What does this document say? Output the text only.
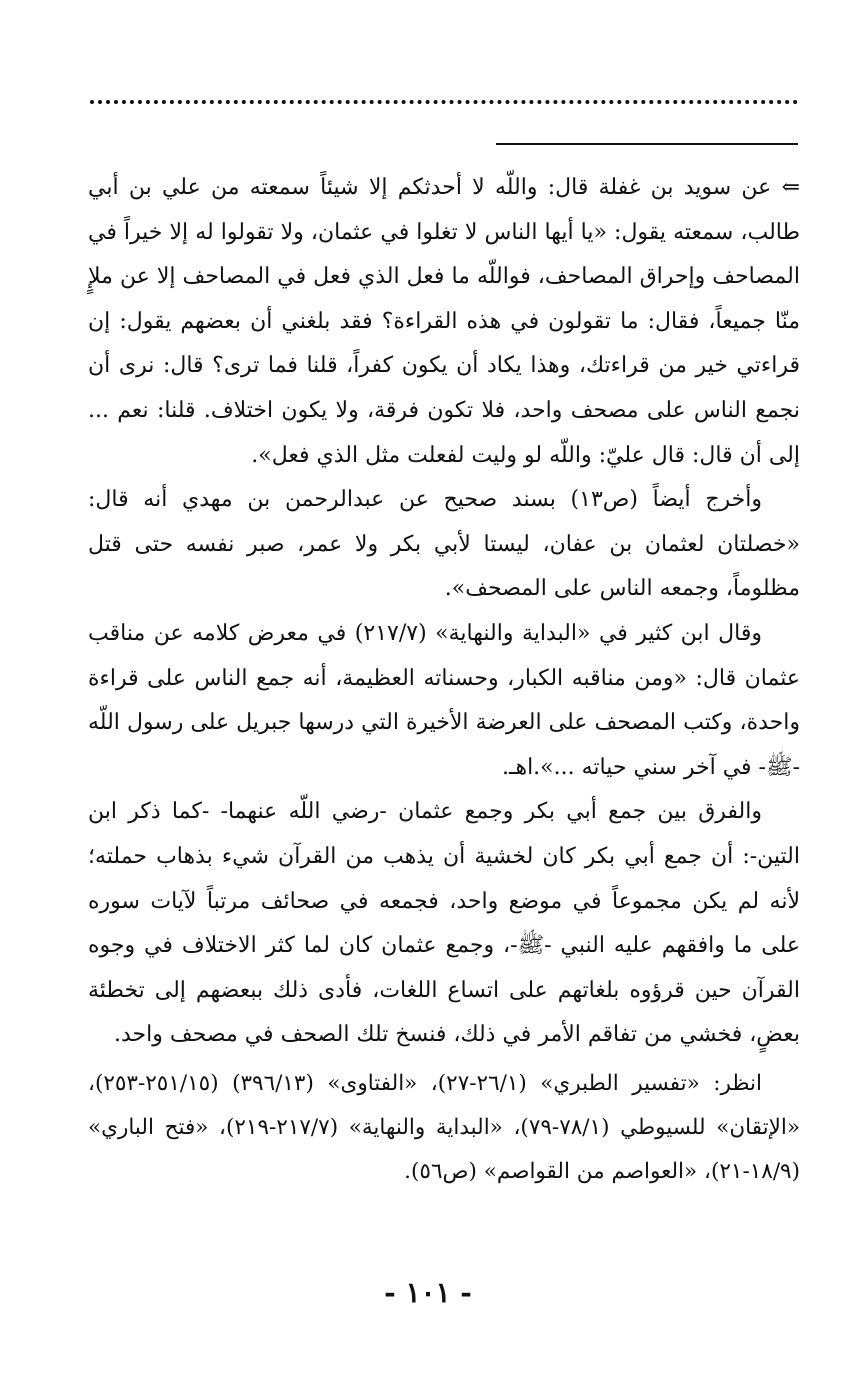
⇐ عن سويد بن غفلة قال: واللّه لا أحدثكم إلا شيئاً سمعته من علي بن أبي طالب، سمعته يقول: «يا أيها الناس لا تغلوا في عثمان، ولا تقولوا له إلا خيراً في المصاحف وإحراق المصاحف، فواللّه ما فعل الذي فعل في المصاحف إلا عن ملإٍ منّا جميعاً، فقال: ما تقولون في هذه القراءة؟ فقد بلغني أن بعضهم يقول: إن قراءتي خير من قراءتك، وهذا يكاد أن يكون كفراً، قلنا فما ترى؟ قال: نرى أن نجمع الناس على مصحف واحد، فلا تكون فرقة، ولا يكون اختلاف. قلنا: نعم ... إلى أن قال: قال عليّ: واللّه لو وليت لفعلت مثل الذي فعل».

وأخرج أيضاً (ص١٣) بسند صحيح عن عبدالرحمن بن مهدي أنه قال: «خصلتان لعثمان بن عفان، ليستا لأبي بكر ولا عمر، صبر نفسه حتى قتل مظلوماً، وجمعه الناس على المصحف».

وقال ابن كثير في «البداية والنهاية» (٢١٧/٧) في معرض كلامه عن مناقب عثمان قال: «ومن مناقبه الكبار، وحسناته العظيمة، أنه جمع الناس على قراءة واحدة، وكتب المصحف على العرضة الأخيرة التي درسها جبريل على رسول اللّه -ﷺ- في آخر سني حياته ...».اهـ.

والفرق بين جمع أبي بكر وجمع عثمان -رضي اللّه عنهما- -كما ذكر ابن التين-: أن جمع أبي بكر كان لخشية أن يذهب من القرآن شيء بذهاب حملته؛ لأنه لم يكن مجموعاً في موضع واحد، فجمعه في صحائف مرتباً لآيات سوره على ما وافقهم عليه النبي -ﷺ-، وجمع عثمان كان لما كثر الاختلاف في وجوه القرآن حين قرؤوه بلغاتهم على اتساع اللغات، فأدى ذلك ببعضهم إلى تخطئة بعضٍ، فخشي من تفاقم الأمر في ذلك، فنسخ تلك الصحف في مصحف واحد.

انظر: «تفسير الطبري» (٢٦/١-٢٧)، «الفتاوى» (٣٩٦/١٣) (٢٥١/١٥-٢٥٣)، «الإتقان» للسيوطي (٧٨/١-٧٩)، «البداية والنهاية» (٢١٧/٧-٢١٩)، «فتح الباري» (١٨/٩-٢١)، «العواصم من القواصم» (ص٥٦).

- ١٠١ -
